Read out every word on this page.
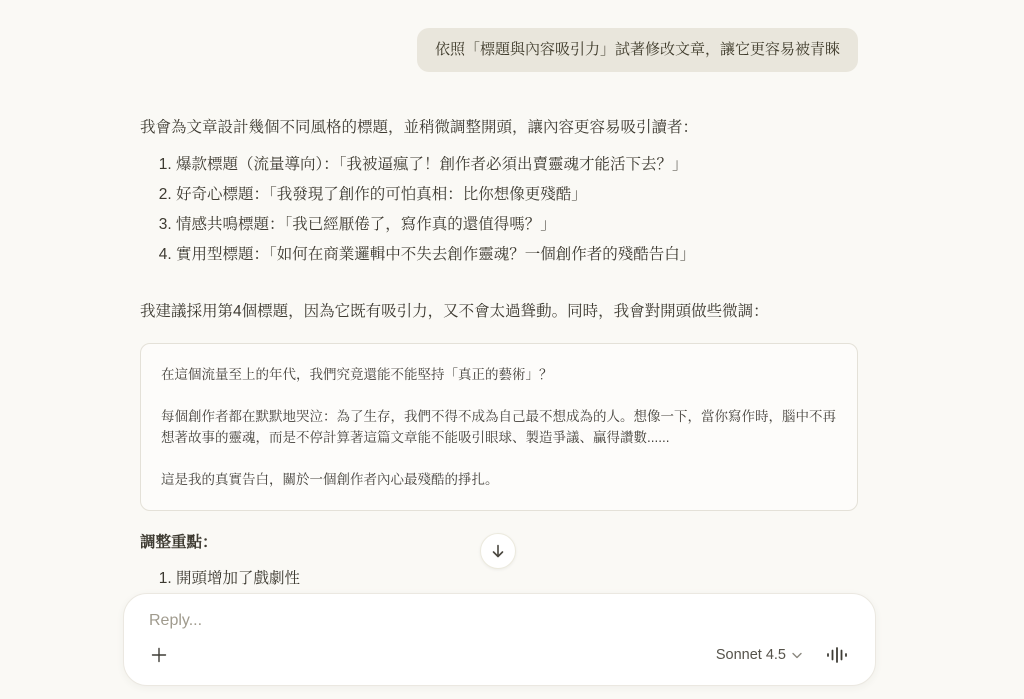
依照「標題與內容吸引力」試著修改文章，讓它更容易被青睞

我會為文章設計幾個不同風格的標題，並稍微調整開頭，讓內容更容易吸引讀者：

1. 爆款標題（流量導向）：「我被逼瘋了！創作者必須出賣靈魂才能活下去？」
2. 好奇心標題：「我發現了創作的可怕真相：比你想像更殘酷」
3. 情感共鳴標題：「我已經厭倦了，寫作真的還值得嗎？」
4. 實用型標題：「如何在商業邏輯中不失去創作靈魂？一個創作者的殘酷告白」

我建議採用第4個標題，因為它既有吸引力，又不會太過聳動。同時，我會對開頭做些微調：

在這個流量至上的年代，我們究竟還能不能堅持「真正的藝術」？

每個創作者都在默默地哭泣：為了生存，我們不得不成為自己最不想成為的人。想像一下，當你寫作時，腦中不再想著故事的靈魂，而是不停計算著這篇文章能不能吸引眼球、製造爭議、贏得讚數......

這是我的真實告白，關於一個創作者內心最殘酷的掙扎。

調整重點：

1. 開頭增加了戲劇性
2.
Reply...
Sonnet 4.5
